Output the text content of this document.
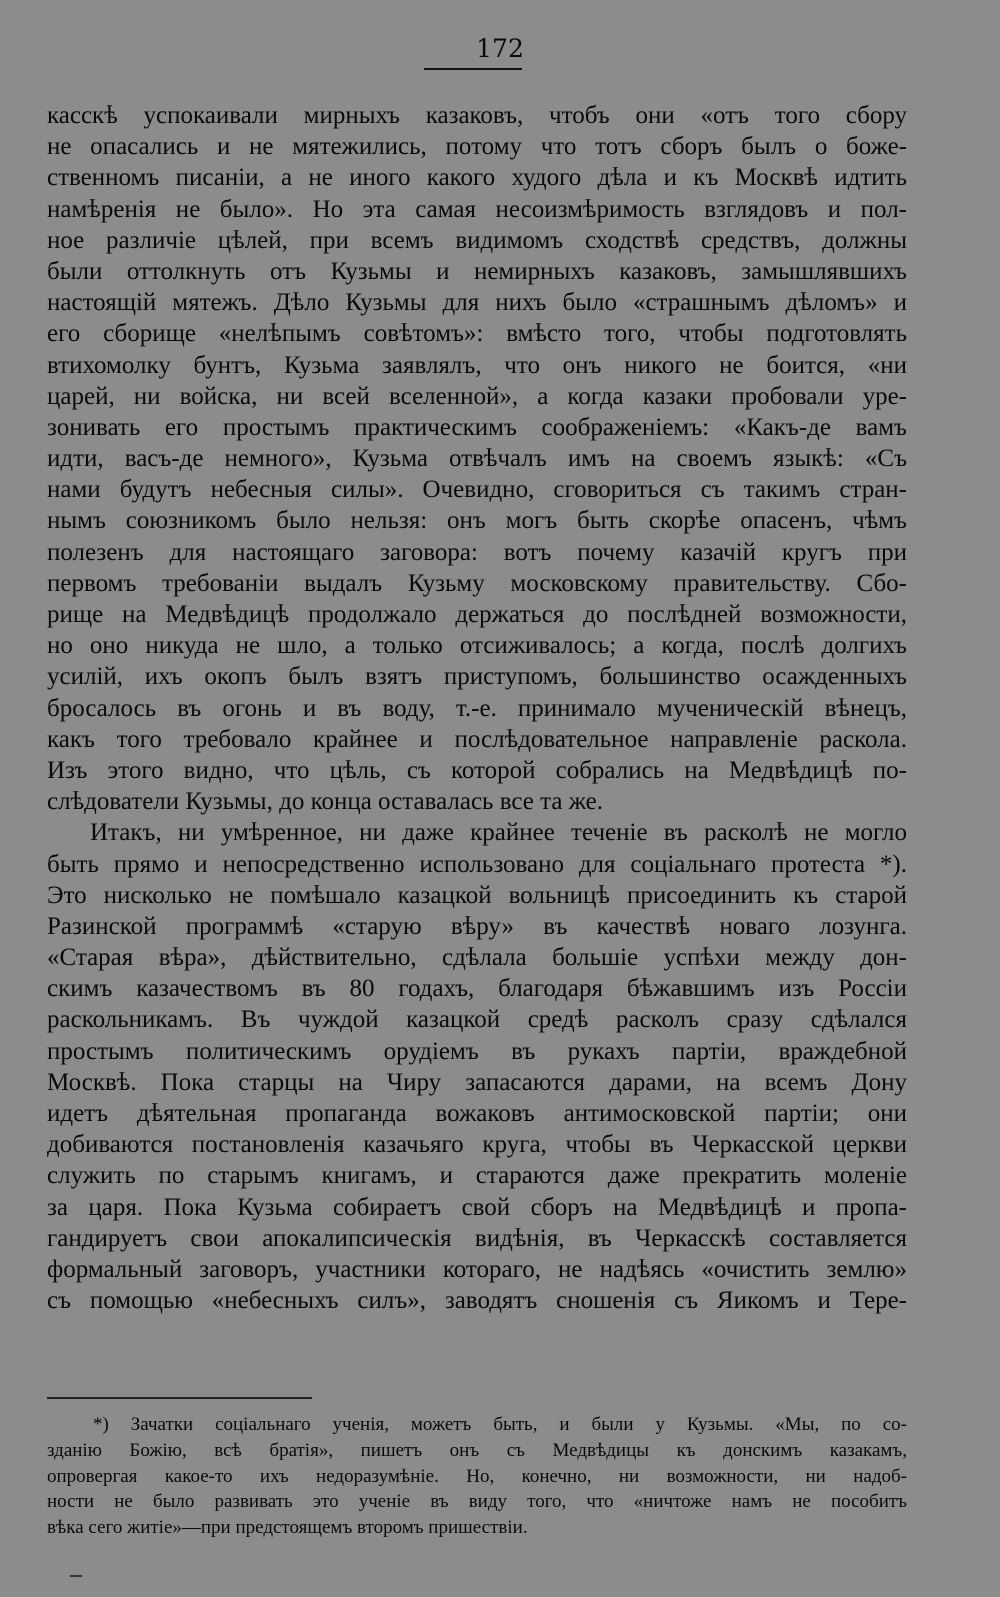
172
касскѣ успокаивали мирныхъ казаковъ, чтобъ они «отъ того сбору
не опасались и не мятежились, потому что тотъ сборъ былъ о боже-
ственномъ писанiи, а не иного какого худого дѣла и къ Москвѣ идтить
намѣренія не было». Но эта самая несоизмѣримость взглядовъ и пол-
ное различіе цѣлей, при всемъ видимомъ сходствѣ средствъ, должны
были оттолкнуть отъ Кузьмы и немирныхъ казаковъ, замышлявшихъ
настоящій мятежъ. Дѣло Кузьмы для нихъ было «страшнымъ дѣломъ» и
его сборище «нелѣпымъ совѣтомъ»: вмѣсто того, чтобы подготовлять
втихомолку бунтъ, Кузьма заявлялъ, что онъ никого не боится, «ни
царей, ни войска, ни всей вселенной», а когда казаки пробовали уре-
зонивать его простымъ практическимъ соображеніемъ: «Какъ-де вамъ
идти, васъ-де немного», Кузьма отвѣчалъ имъ на своемъ языкѣ: «Съ
нами будутъ небесныя силы». Очевидно, сговориться съ такимъ стран-
нымъ союзникомъ было нельзя: онъ могъ быть скорѣе опасенъ, чѣмъ
полезенъ для настоящаго заговора: вотъ почему казачій кругъ при
первомъ требованіи выдалъ Кузьму московскому правительству. Сбо-
рище на Медвѣдицѣ продолжало держаться до послѣдней возможности,
но оно никуда не шло, а только отсиживалось; а когда, послѣ долгихъ
усилій, ихъ окопъ былъ взятъ приступомъ, большинство осажденныхъ
бросалось въ огонь и въ воду, т.-е. принимало мученическій вѣнецъ,
какъ того требовало крайнее и послѣдовательное направленіе раскола.
Изъ этого видно, что цѣль, съ которой собрались на Медвѣдицѣ по-
слѣдователи Кузьмы, до конца оставалась все та же.
Итакъ, ни умѣренное, ни даже крайнее теченіе въ расколѣ не могло
быть прямо и непосредственно использовано для соціальнаго протеста *).
Это нисколько не помѣшало казацкой вольницѣ присоединить къ старой
Разинской программѣ «старую вѣру» въ качествѣ новаго лозунга.
«Старая вѣра», дѣйствительно, сдѣлала большіе успѣхи между дон-
скимъ казачествомъ въ 80 годахъ, благодаря бѣжавшимъ изъ Россіи
раскольникамъ. Въ чуждой казацкой средѣ расколъ сразу сдѣлался
простымъ политическимъ орудіемъ въ рукахъ партіи, враждебной
Москвѣ. Пока старцы на Чиру запасаются дарами, на всемъ Дону
идетъ дѣятельная пропаганда вожаковъ антимосковской партіи; они
добиваются постановленія казачьяго круга, чтобы въ Черкасской церкви
служить по старымъ книгамъ, и стараются даже прекратить моленіе
за царя. Пока Кузьма собираетъ свой сборъ на Медвѣдицѣ и пропа-
гандируетъ свои апокалипсическія видѣнія, въ Черкасскѣ составляется
формальный заговоръ, участники котораго, не надѣясь «очистить землю»
съ помощью «небесныхъ силъ», заводятъ сношенія съ Яикомъ и Тере-
*) Зачатки соціальнаго ученія, можетъ быть, и были у Кузьмы. «Мы, по со-
зданію Божію, всѣ братія», пишетъ онъ съ Медвѣдицы къ донскимъ казакамъ,
опровергая какое-то ихъ недоразумѣніе. Но, конечно, ни возможности, ни надоб-
ности не было развивать это ученіе въ виду того, что «ничтоже намъ не пособитъ
вѣка сего житіе»—при предстоящемъ второмъ пришествіи.
